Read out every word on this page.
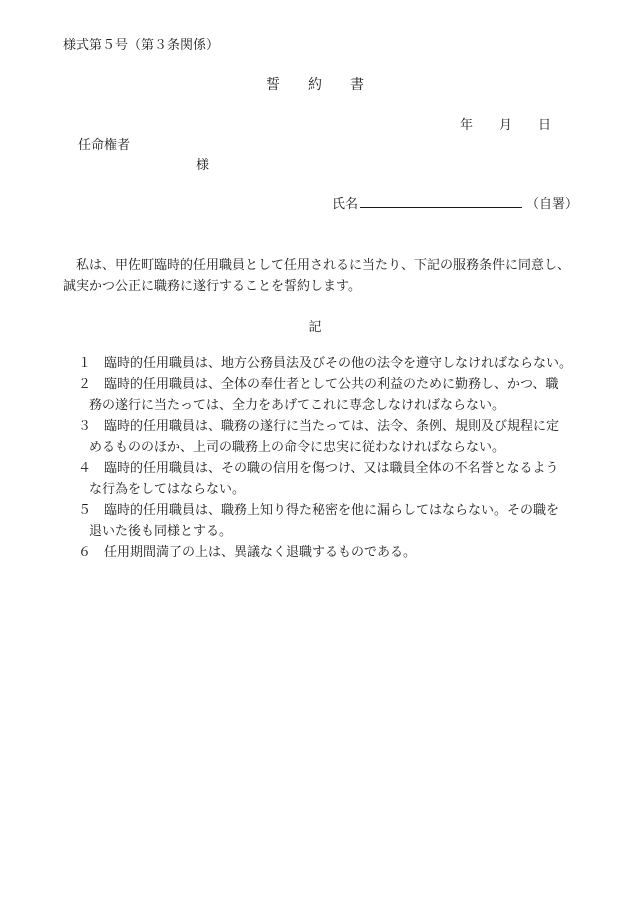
様式第５号（第３条関係）
誓　　約　　書
年 月 日
任命権者
様
氏名	（自署）

私は、甲佐町臨時的任用職員として任用されるに当たり、下記の服務条件に同意し、

誠実かつ公正に職務に遂行することを誓約します。

記
１ 臨時的任用職員は、地方公務員法及びその他の法令を遵守しなければならない。
２ 臨時的任用職員は、全体の奉仕者として公共の利益のために勤務し、かつ、職
務の遂行に当たっては、全力をあげてこれに専念しなければならない。
３ 臨時的任用職員は、職務の遂行に当たっては、法令、条例、規則及び規程に定
めるもののほか、上司の職務上の命令に忠実に従わなければならない。
４ 臨時的任用職員は、その職の信用を傷つけ、又は職員全体の不名誉となるよう
な行為をしてはならない。
５ 臨時的任用職員は、職務上知り得た秘密を他に漏らしてはならない。その職を
退いた後も同様とする。
６ 任用期間満了の上は、異議なく退職するものである。
